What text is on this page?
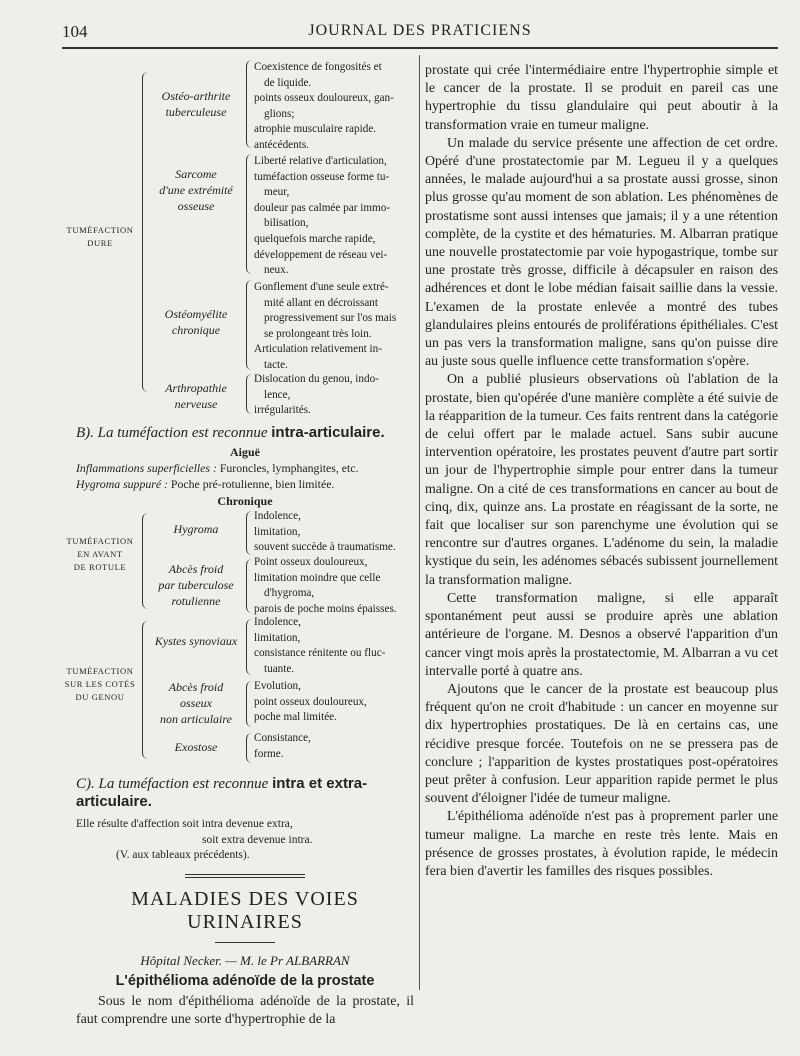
104	JOURNAL DES PRATICIENS
TUMÉFACTION
DURE
Ostéo-arthrite
tuberculeuse

Coexistence de fongosités et

de liquide.

points osseux douloureux, gan-

glions;

atrophie musculaire rapide.

antécédents.

Sarcome
d'une extrémité
osseuse

Liberté relative d'articulation,

tuméfaction osseuse forme tu-

meur,

douleur pas calmée par immo-

bilisation,

quelquefois marche rapide,

développement de réseau vei-

neux.

Ostéomyélite
chronique

Gonflement d'une seule extré-

mité allant en décroissant

progressivement sur l'os mais

se prolongeant très loin.

Articulation relativement in-

tacte.

Arthropathie
nerveuse

Dislocation du genou, indo-

lence,

irrégularités.

B). La tuméfaction est reconnue intra-articulaire.

Aiguë
Inflammations superficielles : Furoncles, lymphangites, etc.
Hygroma suppuré : Poche pré-rotulienne, bien limitée.
Chronique
TUMÉFACTION
EN AVANT
DE ROTULE
Hygroma

Indolence,

limitation,

souvent succède à traumatisme.

Abcès froid
par tuberculose
rotulienne

Point osseux douloureux,

limitation moindre que celle

d'hygroma,

parois de poche moins épaisses.

TUMÉFACTION
SUR LES COTÉS
DU GENOU
Kystes synoviaux

Indolence,

limitation,

consistance rénitente ou fluc-

tuante.

Abcès froid
osseux
non articulaire

Evolution,

point osseux douloureux,

poche mal limitée.

Exostose

Consistance,

forme.

C). La tuméfaction est reconnue intra et extra-articulaire.

Elle résulte d'affection soit intra devenue extra,
soit extra devenue intra.
(V. aux tableaux précédents).

MALADIES DES VOIES URINAIRES

Hôpital Necker. — M. le Pr ALBARRAN
L'épithélioma adénoïde de la prostate

Sous le nom d'épithélioma adénoïde de la prostate, il faut comprendre une sorte d'hypertrophie de la

prostate qui crée l'intermédiaire entre l'hypertrophie simple et le cancer de la prostate. Il se produit en pareil cas une hypertrophie du tissu glandulaire qui peut aboutir à la transformation vraie en tumeur maligne.

Un malade du service présente une affection de cet ordre. Opéré d'une prostatectomie par M. Legueu il y a quelques années, le malade aujourd'hui a sa prostate aussi grosse, sinon plus grosse qu'au moment de son ablation. Les phénomènes de prostatisme sont aussi intenses que jamais; il y a une rétention complète, de la cystite et des hématuries. M. Albarran pratique une nouvelle prostatectomie par voie hypogastrique, tombe sur une prostate très grosse, difficile à décapsuler en raison des adhérences et dont le lobe médian faisait saillie dans la vessie. L'examen de la prostate enlevée a montré des tubes glandulaires pleins entourés de proliférations épithéliales. C'est un pas vers la transformation maligne, sans qu'on puisse dire au juste sous quelle influence cette transformation s'opère.

On a publié plusieurs observations où l'ablation de la prostate, bien qu'opérée d'une manière complète a été suivie de la réapparition de la tumeur. Ces faits rentrent dans la catégorie de celui offert par le malade actuel. Sans subir aucune intervention opératoire, les prostates peuvent d'autre part sortir un jour de l'hypertrophie simple pour entrer dans la tumeur maligne. On a cité de ces transformations en cancer au bout de cinq, dix, quinze ans. La prostate en réagissant de la sorte, ne fait que localiser sur son parenchyme une évolution qui se rencontre sur d'autres organes. L'adénome du sein, la maladie kystique du sein, les adénomes sébacés subissent journellement la transformation maligne.

Cette transformation maligne, si elle apparaît spontanément peut aussi se produire après une ablation antérieure de l'organe. M. Desnos a observé l'apparition d'un cancer vingt mois après la prostatectomie, M. Albarran a vu cet intervalle porté à quatre ans.

Ajoutons que le cancer de la prostate est beaucoup plus fréquent qu'on ne croit d'habitude : un cancer en moyenne sur dix hypertrophies prostatiques. De là en certains cas, une récidive presque forcée. Toutefois on ne se pressera pas de conclure ; l'apparition de kystes prostatiques post-opératoires peut prêter à confusion. Leur apparition rapide permet le plus souvent d'éloigner l'idée de tumeur maligne.

L'épithélioma adénoïde n'est pas à proprement parler une tumeur maligne. La marche en reste très lente. Mais en présence de grosses prostates, à évolution rapide, le médecin fera bien d'avertir les familles des risques possibles.
